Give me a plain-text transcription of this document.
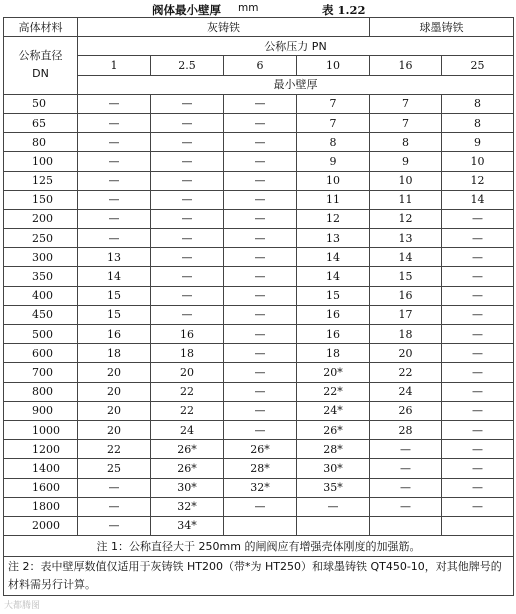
阀体最小壁厚 mm	表 1.22
高体材料	灰铸铁				球墨铸铁	

公称直径
DN	公称压力 PN					
	1	2.5	6	10	16	25
	最小壁厚					
50	—	—	—	7	7	8
65	—	—	—	7	7	8
80	—	—	—	8	8	9
100	—	—	—	9	9	10
125	—	—	—	10	10	12
150	—	—	—	11	11	14
200	—	—	—	12	12	—
250	—	—	—	13	13	—
300	13	—	—	14	14	—
350	14	—	—	14	15	—
400	15	—	—	15	16	—
450	15	—	—	16	17	—
500	16	16	—	16	18	—
600	18	18	—	18	20	—
700	20	20	—	20*	22	—
800	20	22	—	22*	24	—
900	20	22	—	24*	26	—
1000	20	24	—	26*	28	—
1200	22	26*	26*	28*	—	—
1400	25	26*	28*	30*	—	—
1600	—	30*	32*	35*	—	—
1800	—	32*	—	—	—	—
2000	—	34*				
注 1：公称直径大于 250mm 的闸阀应有增强壳体刚度的加强筋。						
注 2：表中壁厚数值仅适用于灰铸铁 HT200（带*为 HT250）和球墨铸铁 QT450-10，对其他牌号的材料需另行计算。						
大都腾图
